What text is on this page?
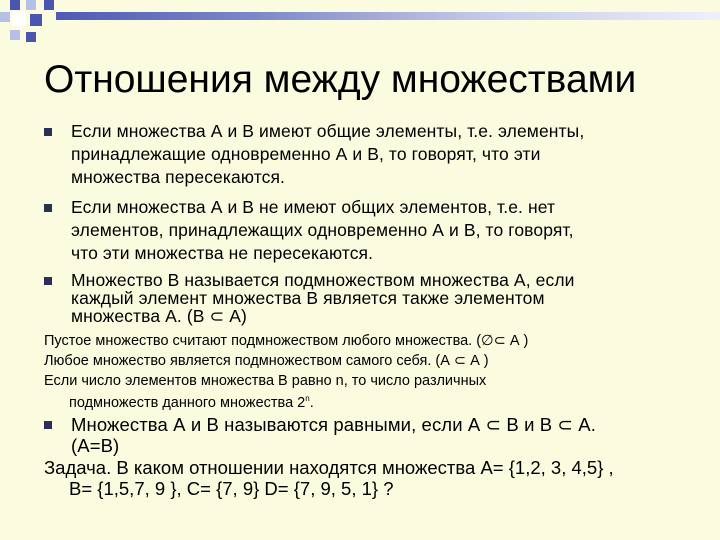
Отношения между множествами
Если множества А и В имеют общие элементы, т.е. элементы,
принадлежащие одновременно А и В, то говорят, что эти
множества пересекаются.
Если множества А и В не имеют общих элементов, т.е. нет
элементов, принадлежащих одновременно А и В, то говорят,
что эти множества не пересекаются.
Множество В называется подмножеством множества А, если
каждый элемент множества В является также элементом
множества А. (В ⊂ А)
Пустое множество считают подмножеством любого множества. (∅⊂ А )
Любое множество является подмножеством самого себя. (А ⊂ А )
Если число элементов множества В равно n, то число различных
подмножеств данного множества 2$^n$.
Множества А и В называются равными, если А ⊂ В и В ⊂ А.
(А=В)
Задача. В каком отношении находятся множества А= {1,2, 3, 4,5} ,
В= {1,5,7, 9 }, С= {7, 9} D= {7, 9, 5, 1} ?
